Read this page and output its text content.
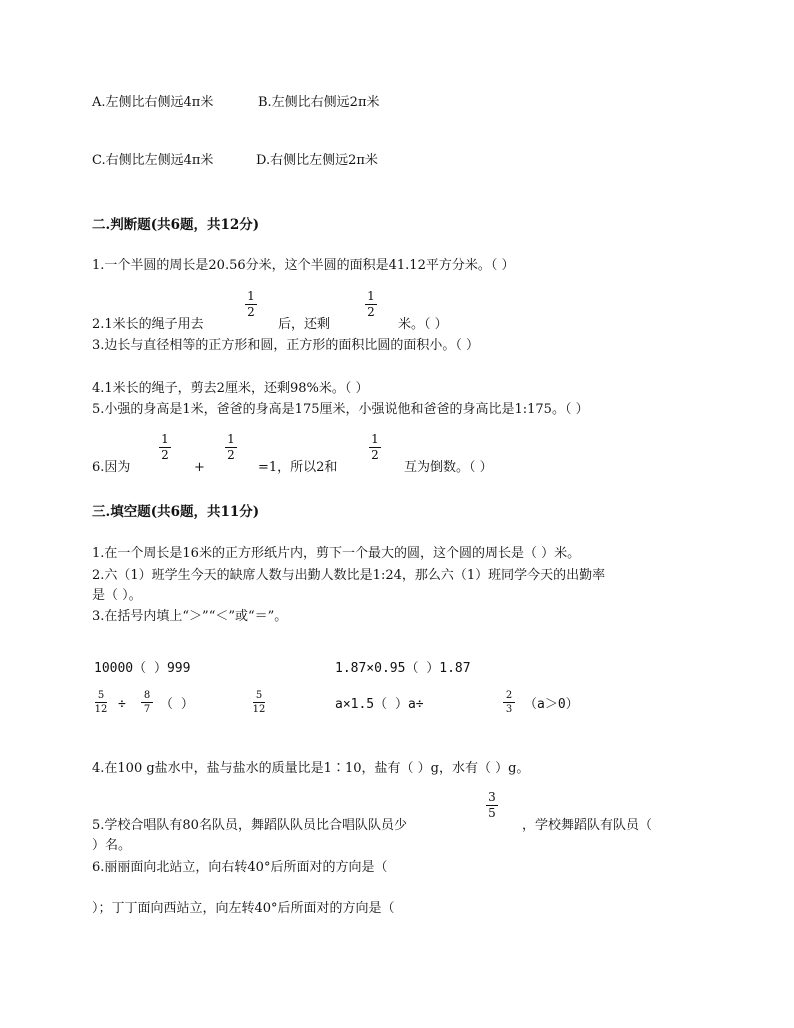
A.左侧比右侧远4π米	B.左侧比右侧远2π米
C.右侧比左侧远4π米	D.右侧比左侧远2π米
二.判断题(共6题，共12分)
1.一个半圆的周长是20.56分米，这个半圆的面积是41.12平方分米。（ ）
2.1米长的绳子用去
1
2
后，还剩
1
2
米。（ ）
3.边长与直径相等的正方形和圆，正方形的面积比圆的面积小。（ ）
4.1米长的绳子，剪去2厘米，还剩98%米。（ ）
5.小强的身高是1米，爸爸的身高是175厘米，小强说他和爸爸的身高比是1:175。（ ）
6.因为
1
2
+
1
2
=1，所以2和
1
2
互为倒数。（ ）
三.填空题(共6题，共11分)
1.在一个周长是16米的正方形纸片内，剪下一个最大的圆，这个圆的周长是（ ）米。
2.六（1）班学生今天的缺席人数与出勤人数比是1:24，那么六（1）班同学今天的出勤率
是（ ）。
3.在括号内填上“＞”“＜”或“＝”。
10000（ ）999	1.87×0.95（ ）1.87
5
12 ÷
8
7 （ ）
5
12	a×1.5（ ）a÷
2
3 （a＞0）
4.在100 g盐水中，盐与盐水的质量比是1∶10，盐有（ ）g，水有（ ）g。
5.学校合唱队有80名队员，舞蹈队队员比合唱队队员少
3
5
，学校舞蹈队有队员（
）名。
6.丽丽面向北站立，向右转40°后所面对的方向是（
）；丁丁面向西站立，向左转40°后所面对的方向是（
